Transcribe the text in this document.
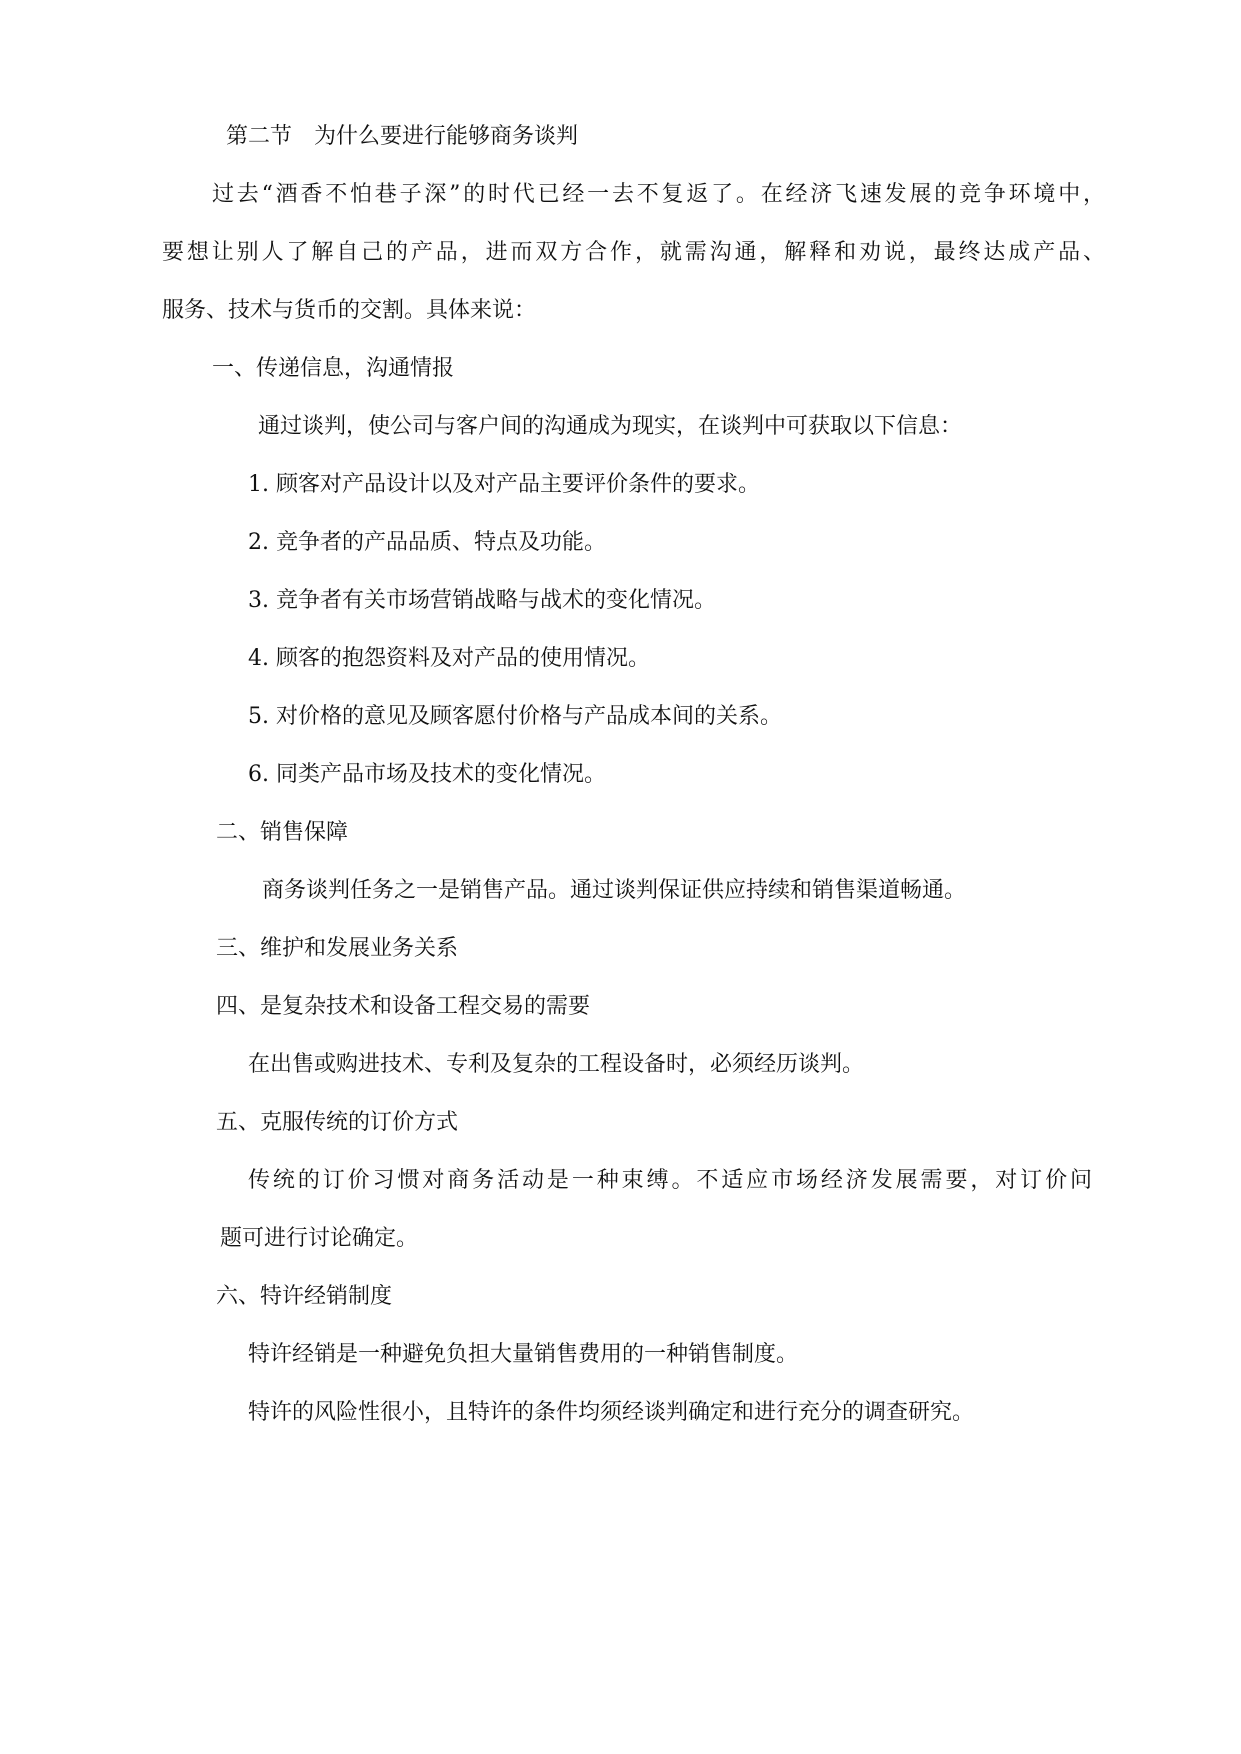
第二节　为什么要进行能够商务谈判
过去“酒香不怕巷子深”的时代已经一去不复返了。在经济飞速发展的竞争环境中，
要想让别人了解自己的产品，进而双方合作，就需沟通，解释和劝说，最终达成产品、
服务、技术与货币的交割。具体来说：
一、传递信息，沟通情报
通过谈判，使公司与客户间的沟通成为现实，在谈判中可获取以下信息：
1. 顾客对产品设计以及对产品主要评价条件的要求。
2. 竞争者的产品品质、特点及功能。
3. 竞争者有关市场营销战略与战术的变化情况。
4. 顾客的抱怨资料及对产品的使用情况。
5. 对价格的意见及顾客愿付价格与产品成本间的关系。
6. 同类产品市场及技术的变化情况。
二、销售保障
商务谈判任务之一是销售产品。通过谈判保证供应持续和销售渠道畅通。
三、维护和发展业务关系
四、是复杂技术和设备工程交易的需要
在出售或购进技术、专利及复杂的工程设备时，必须经历谈判。
五、克服传统的订价方式
传统的订价习惯对商务活动是一种束缚。不适应市场经济发展需要，对订价问
题可进行讨论确定。
六、特许经销制度
特许经销是一种避免负担大量销售费用的一种销售制度。
特许的风险性很小，且特许的条件均须经谈判确定和进行充分的调查研究。
